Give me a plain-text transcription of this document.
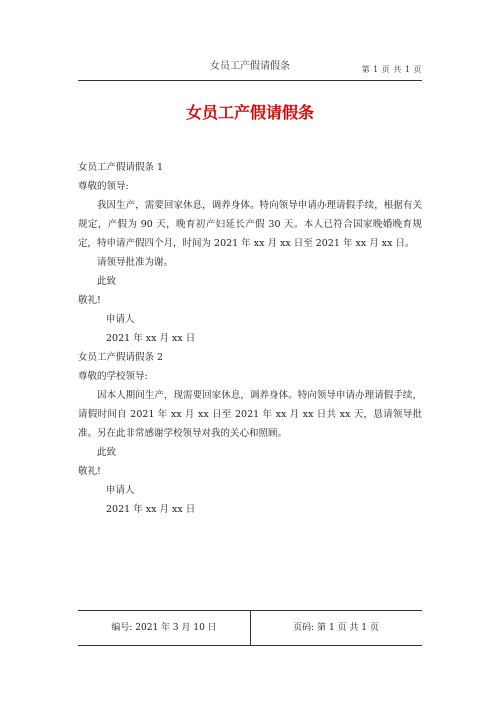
女员工产假请假条	第 1 页 共 1 页
女员工产假请假条

女员工产假请假条 1

尊敬的领导:

我因生产，需要回家休息，调养身体。特向领导申请办理请假手续，根据有关规定，产假为 90 天，晚育初产妇延长产假 30 天。本人已符合国家晚婚晚育规定，特申请产假四个月，时间为 2021 年 xx 月 xx 日至 2021 年 xx 月 xx 日。

请领导批准为谢。

此致

敬礼!

申请人

2021 年 xx 月 xx 日

女员工产假请假条 2

尊敬的学校领导:

因本人期间生产，现需要回家休息，调养身体。特向领导申请办理请假手续，请假时间自 2021 年 xx 月 xx 日至 2021 年 xx 月 xx 日共 xx 天，恳请领导批准。另在此非常感谢学校领导对我的关心和照顾。

此致

敬礼!

申请人

2021 年 xx 月 xx 日

编号: 2021 年 3 月 10 日	页码: 第 1 页 共 1 页
